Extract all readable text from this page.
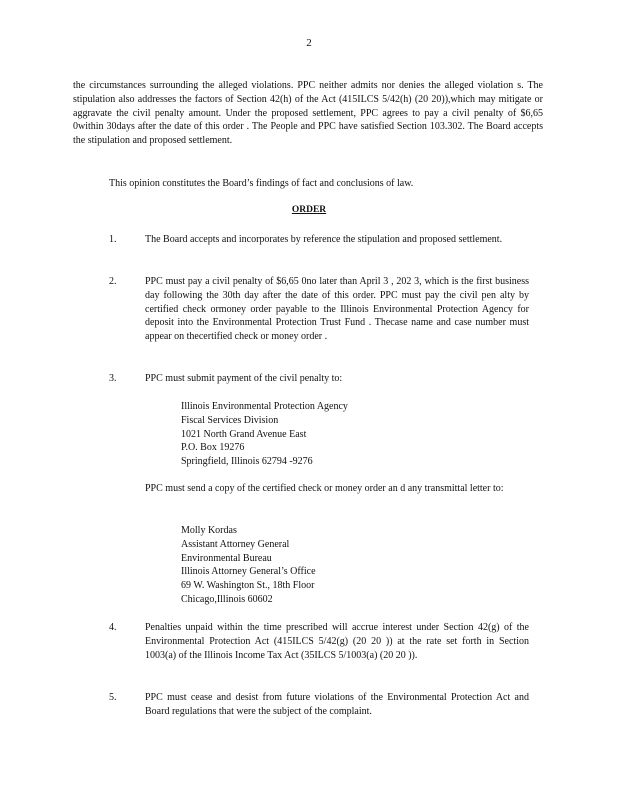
2
the circumstances surrounding the alleged violations. PPC neither admits nor denies the alleged violation s. The stipulation also addresses the factors of Section 42(h) of the Act (415ILCS 5/42(h) (20 20)),which may mitigate or aggravate the civil penalty amount. Under the proposed settlement, PPC agrees to pay a civil penalty of $6,65 0within 30days after the date of this order . The People and PPC have satisfied Section 103.302. The Board accepts the stipulation and proposed settlement.
This opinion constitutes the Board’s findings of fact and conclusions of law.
ORDER
1.	The Board accepts and incorporates by reference the stipulation and proposed settlement.
2.	PPC must pay a civil penalty of $6,65 0no later than April 3 , 202 3, which is the first business day following the 30th day after the date of this order. PPC must pay the civil pen alty by certified check ormoney order payable to the Illinois Environmental Protection Agency for deposit into the Environmental Protection Trust Fund . Thecase name and case number must appear on thecertified check or money order .
3.	PPC must submit payment of the civil penalty to:
Illinois Environmental Protection Agency
Fiscal Services Division
1021 North Grand Avenue East
P.O. Box 19276
Springfield, Illinois 62794 -9276
PPC must send a copy of the certified check or money order an d any transmittal letter to:
Molly Kordas
Assistant Attorney General
Environmental Bureau
Illinois Attorney General’s Office
69 W. Washington St., 18th Floor
Chicago,Illinois 60602
4.	Penalties unpaid within the time prescribed will accrue interest under Section 42(g) of the Environmental Protection Act (415ILCS 5/42(g) (20 20 )) at the rate set forth in Section 1003(a) of the Illinois Income Tax Act (35ILCS 5/1003(a) (20 20 )).
5.	PPC must cease and desist from future violations of the Environmental Protection Act and Board regulations that were the subject of the complaint.
